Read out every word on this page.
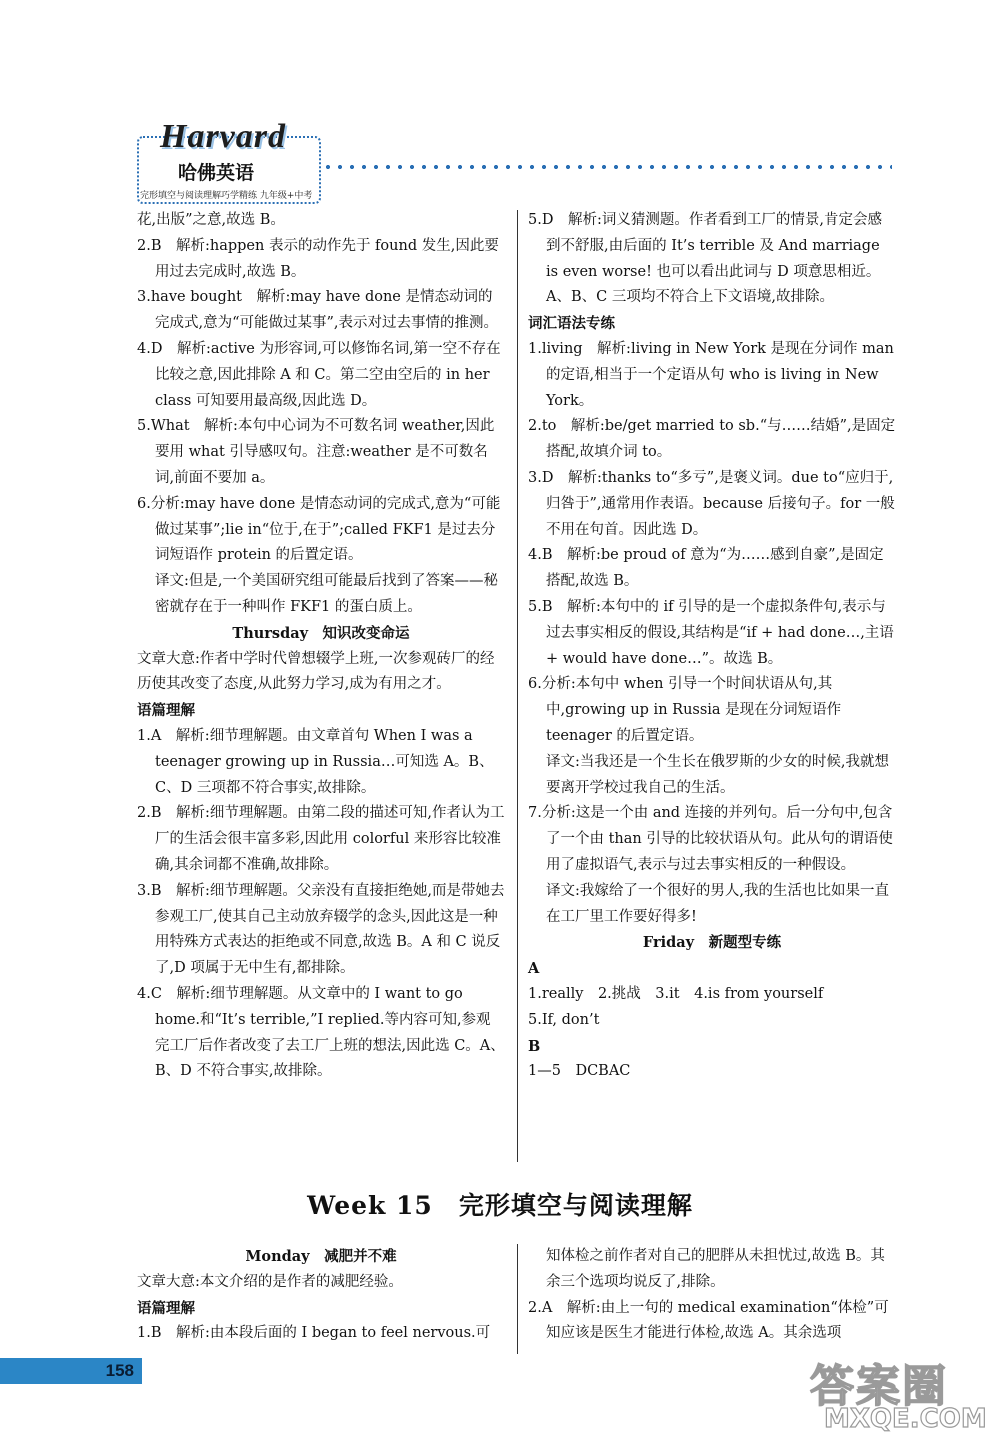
Harvard
哈佛英语
完形填空与阅读理解巧学精练 九年级+中考

花,出版”之意,故选 B。

2.B　解析:happen 表示的动作先于 found 发生,因此要用过去完成时,故选 B。

3.have bought　解析:may have done 是情态动词的完成式,意为“可能做过某事”,表示对过去事情的推测。

4.D　解析:active 为形容词,可以修饰名词,第一空不存在比较之意,因此排除 A 和 C。第二空由空后的 in her class 可知要用最高级,因此选 D。

5.What　解析:本句中心词为不可数名词 weather,因此要用 what 引导感叹句。注意:weather 是不可数名词,前面不要加 a。

6.分析:may have done 是情态动词的完成式,意为“可能做过某事”;lie in“位于,在于”;called FKF1 是过去分词短语作 protein 的后置定语。

译文:但是,一个美国研究组可能最后找到了答案——秘密就存在于一种叫作 FKF1 的蛋白质上。

Thursday　知识改变命运

文章大意:作者中学时代曾想辍学上班,一次参观砖厂的经历使其改变了态度,从此努力学习,成为有用之才。

语篇理解

1.A　解析:细节理解题。由文章首句 When I was a teenager growing up in Russia…可知选 A。B、C、D 三项都不符合事实,故排除。

2.B　解析:细节理解题。由第二段的描述可知,作者认为工厂的生活会很丰富多彩,因此用 colorful 来形容比较准确,其余词都不准确,故排除。

3.B　解析:细节理解题。父亲没有直接拒绝她,而是带她去参观工厂,使其自己主动放弃辍学的念头,因此这是一种用特殊方式表达的拒绝或不同意,故选 B。A 和 C 说反了,D 项属于无中生有,都排除。

4.C　解析:细节理解题。从文章中的 I want to go home.和“It’s terrible,”I replied.等内容可知,参观完工厂后作者改变了去工厂上班的想法,因此选 C。A、B、D 不符合事实,故排除。

5.D　解析:词义猜测题。作者看到工厂的情景,肯定会感到不舒服,由后面的 It’s terrible 及 And marriage is even worse! 也可以看出此词与 D 项意思相近。A、B、C 三项均不符合上下文语境,故排除。

词汇语法专练

1.living　解析:living in New York 是现在分词作 man 的定语,相当于一个定语从句 who is living in New York。

2.to　解析:be/get married to sb.“与……结婚”,是固定搭配,故填介词 to。

3.D　解析:thanks to“多亏”,是褒义词。due to“应归于,归咎于”,通常用作表语。because 后接句子。for 一般不用在句首。因此选 D。

4.B　解析:be proud of 意为“为……感到自豪”,是固定搭配,故选 B。

5.B　解析:本句中的 if 引导的是一个虚拟条件句,表示与过去事实相反的假设,其结构是“if + had done…,主语 + would have done…”。故选 B。

6.分析:本句中 when 引导一个时间状语从句,其中,growing up in Russia 是现在分词短语作 teenager 的后置定语。

译文:当我还是一个生长在俄罗斯的少女的时候,我就想要离开学校过我自己的生活。

7.分析:这是一个由 and 连接的并列句。后一分句中,包含了一个由 than 引导的比较状语从句。此从句的谓语使用了虚拟语气,表示与过去事实相反的一种假设。

译文:我嫁给了一个很好的男人,我的生活也比如果一直在工厂里工作要好得多!

Friday　新题型专练

A

1.really　2.挑战　3.it　4.is from yourself

5.If, don’t

B

1—5　DCBAC

Week 15　完形填空与阅读理解

Monday　减肥并不难

文章大意:本文介绍的是作者的减肥经验。

语篇理解

1.B　解析:由本段后面的 I began to feel nervous.可

知体检之前作者对自己的肥胖从未担忧过,故选 B。其余三个选项均说反了,排除。

2.A　解析:由上一句的 medical examination“体检”可知应该是医生才能进行体检,故选 A。其余选项

158	答案圈
MXQE.COM
